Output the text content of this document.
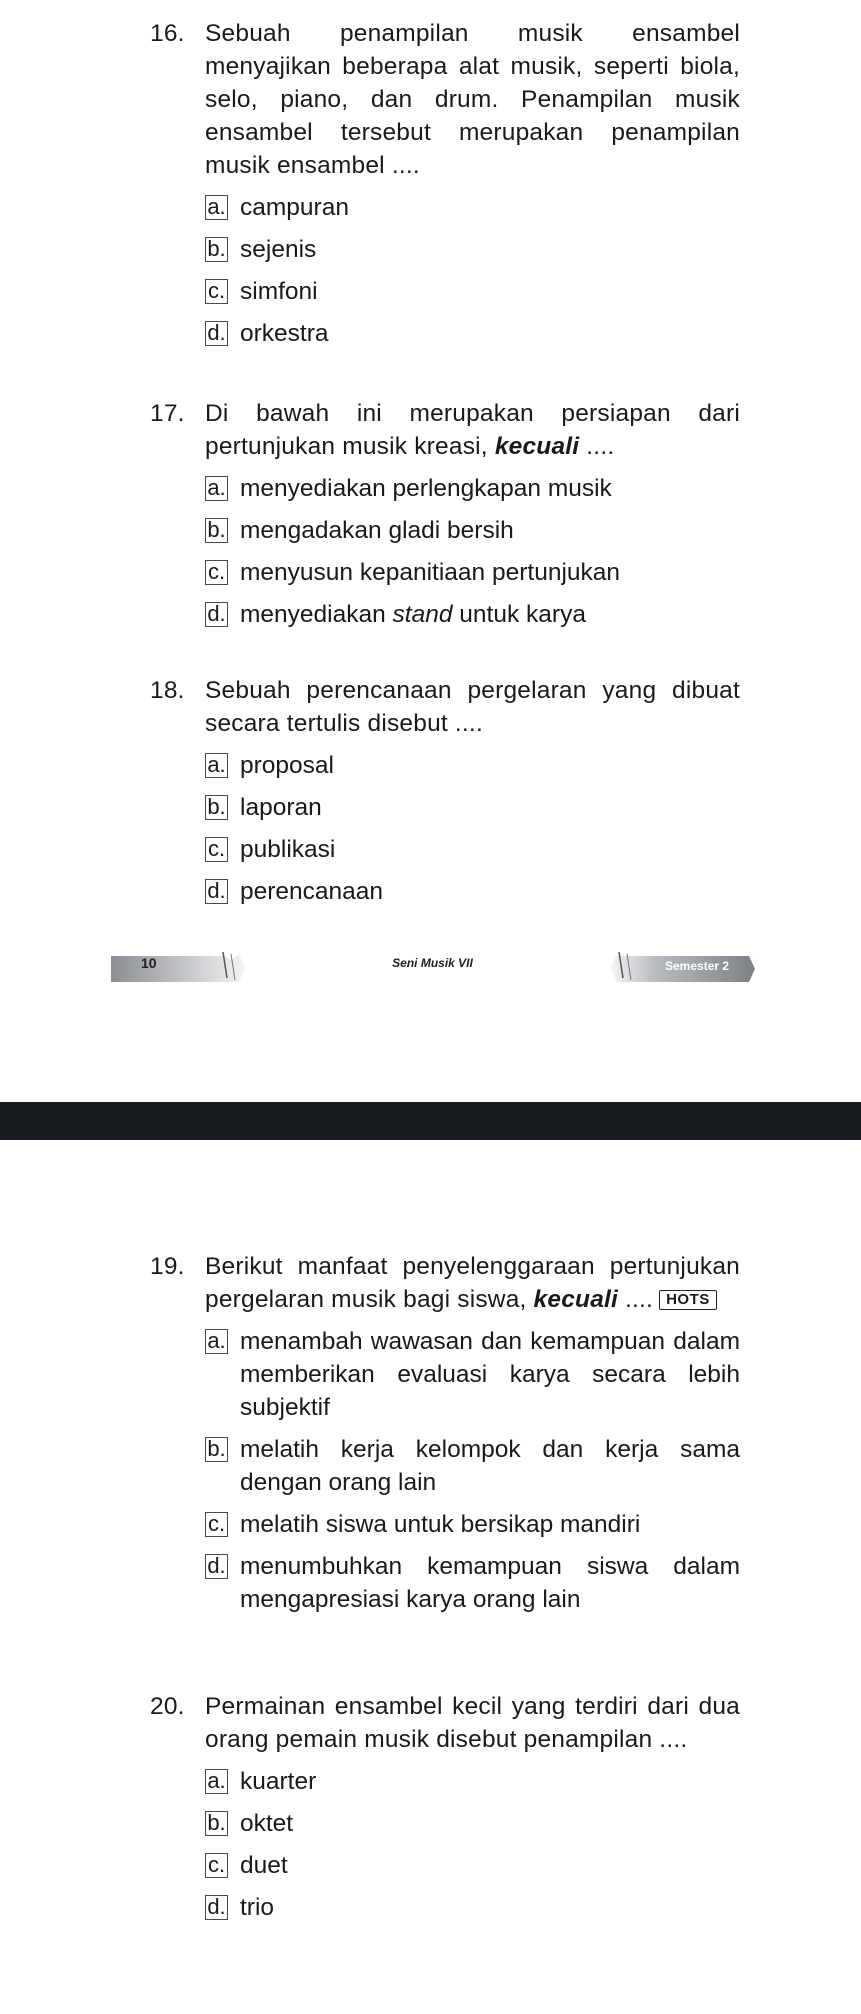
16. Sebuah penampilan musik ensambel menyajikan beberapa alat musik, seperti biola, selo, piano, dan drum. Penampilan musik ensambel tersebut merupakan penampilan musik ensambel ....

a. campuran
b. sejenis
c. simfoni
d. orkestra

17. Di bawah ini merupakan persiapan dari pertunjukan musik kreasi, kecuali ....

a. menyediakan perlengkapan musik
b. mengadakan gladi bersih
c. menyusun kepanitiaan pertunjukan
d. menyediakan stand untuk karya

18. Sebuah perencanaan pergelaran yang dibuat secara tertulis disebut ....

a. proposal
b. laporan
c. publikasi
d. perencanaan
10	Seni Musik VII	Semester 2

19. Berikut manfaat penyelenggaraan pertunjukan pergelaran musik bagi siswa, kecuali .... HOTS

a. menambah wawasan dan kemampuan dalam memberikan evaluasi karya secara lebih subjektif
b. melatih kerja kelompok dan kerja sama dengan orang lain
c. melatih siswa untuk bersikap mandiri
d. menumbuhkan kemampuan siswa dalam mengapresiasi karya orang lain

20. Permainan ensambel kecil yang terdiri dari dua orang pemain musik disebut penampilan ....

a. kuarter
b. oktet
c. duet
d. trio
